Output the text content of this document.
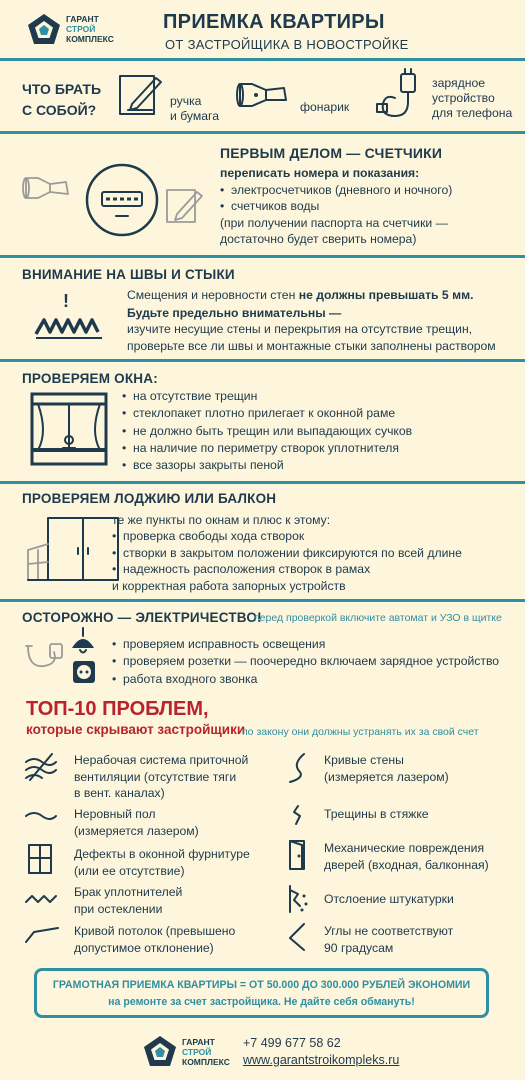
ГАРАНТ
СТРОЙ
КОМПЛЕКС
ПРИЕМКА КВАРТИРЫ
ОТ ЗАСТРОЙЩИКА В НОВОСТРОЙКЕ
ЧТО БРАТЬ
С СОБОЙ?
ручка
и бумага
фонарик
зарядное
устройство
для телефона
ПЕРВЫМ ДЕЛОМ — СЧЕТЧИКИ
переписать номера и показания:
• электросчетчиков (дневного и ночного)
• счетчиков воды
(при получении паспорта на счетчики —
достаточно будет сверить номера)
ВНИМАНИЕ НА ШВЫ И СТЫКИ
!	Смещения и неровности стен не должны превышать 5 мм.
Будьте предельно внимательны —
изучите несущие стены и перекрытия на отсутствие трещин,
проверьте все ли швы и монтажные стыки заполнены раствором
ПРОВЕРЯЕМ ОКНА:
• на отсутствие трещин
• стеклопакет плотно прилегает к оконной раме
• не должно быть трещин или выпадающих сучков
• на наличие по периметру створок уплотнителя
• все зазоры закрыты пеной
ПРОВЕРЯЕМ ЛОДЖИЮ ИЛИ БАЛКОН
те же пункты по окнам и плюс к этому:
• проверка свободы хода створок
• створки в закрытом положении фиксируются по всей длине
• надежность расположения створок в рамах
и корректная работа запорных устройств
ОСТОРОЖНО — ЭЛЕКТРИЧЕСТВО!
перед проверкой включите автомат и УЗО в щитке
• проверяем исправность освещения
• проверяем розетки — поочередно включаем зарядное устройство
• работа входного звонка
ТОП-10 ПРОБЛЕМ,
которые скрывают застройщики
по закону они должны устранять их за свой счет
Нерабочая система приточной
вентиляции (отсутствие тяги
в вент. каналах)
Неровный пол
(измеряется лазером)
Дефекты в оконной фурнитуре
(или ее отсутствие)
Брак уплотнителей
при остеклении
Кривой потолок (превышено
допустимое отклонение)
Кривые стены
(измеряется лазером)
Трещины в стяжке
Механические повреждения
дверей (входная, балконная)
Отслоение штукатурки
Углы не соответствуют
90 градусам
ГРАМОТНАЯ ПРИЕМКА КВАРТИРЫ = ОТ 50.000 ДО 300.000 РУБЛЕЙ ЭКОНОМИИ
на ремонте за счет застройщика. Не дайте себя обмануть!
ГАРАНТ
СТРОЙ
КОМПЛЕКС
+7 499 677 58 62
www.garantstroikompleks.ru
